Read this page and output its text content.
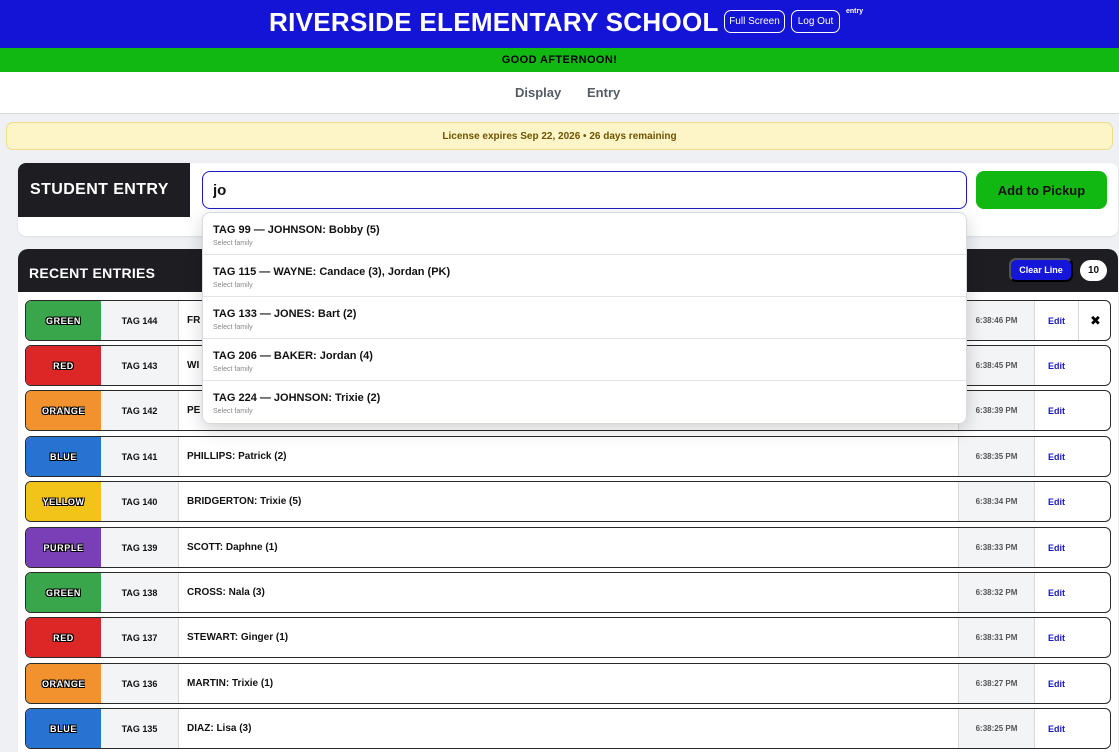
RIVERSIDE ELEMENTARY SCHOOL	Full Screen	Log Out
entry
GOOD AFTERNOON!
Display Entry
License expires Sep 22, 2026 • 26 days remaining
STUDENT ENTRY
jo	Add to Pickup
RECENT ENTRIES	Clear Line	10
GREEN	TAG 144	FR	6:38:46 PM	Edit	✖
RED	TAG 143	WI	6:38:45 PM	Edit
ORANGE	TAG 142	PE	6:38:39 PM	Edit
BLUE	TAG 141	PHILLIPS: Patrick (2)	6:38:35 PM	Edit
YELLOW	TAG 140	BRIDGERTON: Trixie (5)	6:38:34 PM	Edit
PURPLE	TAG 139	SCOTT: Daphne (1)	6:38:33 PM	Edit
GREEN	TAG 138	CROSS: Nala (3)	6:38:32 PM	Edit
RED	TAG 137	STEWART: Ginger (1)	6:38:31 PM	Edit
ORANGE	TAG 136	MARTIN: Trixie (1)	6:38:27 PM	Edit
BLUE	TAG 135	DIAZ: Lisa (3)	6:38:25 PM	Edit
TAG 99 — JOHNSON: Bobby (5)
Select family
TAG 115 — WAYNE: Candace (3), Jordan (PK)
Select family
TAG 133 — JONES: Bart (2)
Select family
TAG 206 — BAKER: Jordan (4)
Select family
TAG 224 — JOHNSON: Trixie (2)
Select family
